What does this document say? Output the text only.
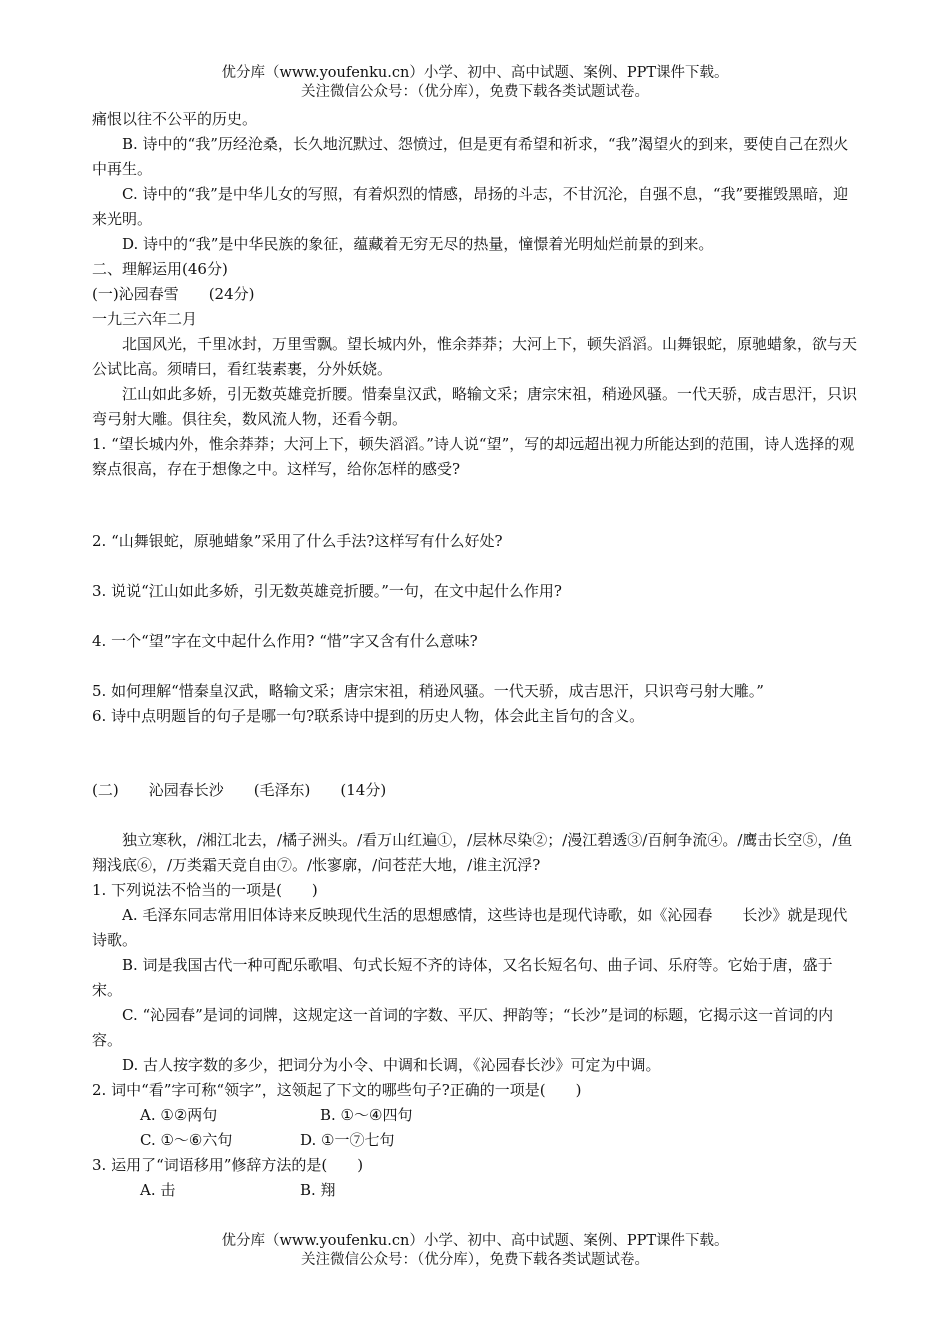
优分库（www.youfenku.cn）小学、初中、高中试题、案例、PPT课件下载。
关注微信公众号：（优分库），免费下载各类试题试卷。

痛恨以往不公平的历史。

B. 诗中的“我”历经沧桑，长久地沉默过、怨愤过，但是更有希望和祈求，“我”渴望火的到来，要使自己在烈火中再生。

C. 诗中的“我”是中华儿女的写照，有着炽烈的情感，昂扬的斗志，不甘沉沦，自强不息，“我”要摧毁黑暗，迎来光明。

D. 诗中的“我”是中华民族的象征，蕴藏着无穷无尽的热量，憧憬着光明灿烂前景的到来。

二、理解运用(46分)

(一)沁园春雪　　(24分)

一九三六年二月

北国风光，千里冰封，万里雪飘。望长城内外，惟余莽莽；大河上下，顿失滔滔。山舞银蛇，原驰蜡象，欲与天公试比高。须晴曰，看红装素裹，分外妖娆。

江山如此多娇，引无数英雄竞折腰。惜秦皇汉武，略输文采；唐宗宋祖，稍逊风骚。一代天骄，成吉思汗，只识弯弓射大雕。俱往矣，数风流人物，还看今朝。

1. “望长城内外，惟余莽莽；大河上下，顿失滔滔。”诗人说“望”，写的却远超出视力所能达到的范围，诗人选择的观察点很高，存在于想像之中。这样写，给你怎样的感受?

2. “山舞银蛇，原驰蜡象”采用了什么手法?这样写有什么好处?

3. 说说“江山如此多娇，引无数英雄竞折腰。”一句，在文中起什么作用?

4. 一个“望”字在文中起什么作用? “惜”字又含有什么意味?

5. 如何理解“惜秦皇汉武，略输文采；唐宗宋祖，稍逊风骚。一代天骄，成吉思汗，只识弯弓射大雕。”

6. 诗中点明题旨的句子是哪一句?联系诗中提到的历史人物，体会此主旨句的含义。

(二)　　沁园春长沙　　(毛泽东)　　(14分)

独立寒秋，/湘江北去，/橘子洲头。/看万山红遍①，/层林尽染②；/漫江碧透③/百舸争流④。/鹰击长空⑤，/鱼翔浅底⑥，/万类霜天竞自由⑦。/怅寥廓，/问苍茫大地，/谁主沉浮?

1. 下列说法不恰当的一项是(　　)

A. 毛泽东同志常用旧体诗来反映现代生活的思想感情，这些诗也是现代诗歌，如《沁园春　　长沙》就是现代诗歌。

B. 词是我国古代一种可配乐歌唱、句式长短不齐的诗体，又名长短名句、曲子词、乐府等。它始于唐，盛于宋。

C. “沁园春”是词的词牌，这规定这一首词的字数、平仄、押韵等；“长沙”是词的标题，它揭示这一首词的内容。

D. 古人按字数的多少，把词分为小令、中调和长调，《沁园春长沙》可定为中调。

2. 词中“看”字可称“领字”，这领起了下文的哪些句子?正确的一项是(　　)

A. ①②两句	B. ①～④四句

C. ①～⑥六句	D. ①一⑦七句

3. 运用了“词语移用”修辞方法的是(　　)

A. 击	B. 翔

优分库（www.youfenku.cn）小学、初中、高中试题、案例、PPT课件下载。
关注微信公众号：（优分库），免费下载各类试题试卷。
